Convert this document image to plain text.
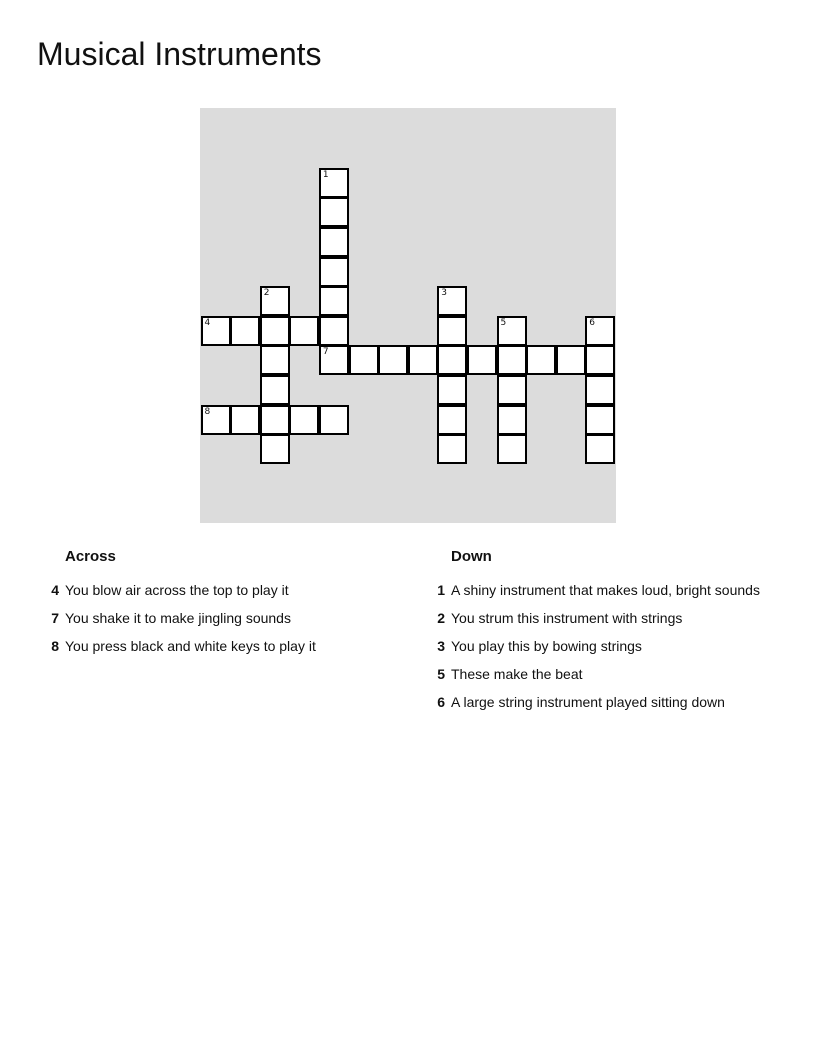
Musical Instruments
1
2	3
4	5	6
7
8
Across
4 You blow air across the top to play it
7 You shake it to make jingling sounds
8 You press black and white keys to play it
Down
1 A shiny instrument that makes loud, bright sounds
2 You strum this instrument with strings
3 You play this by bowing strings
5 These make the beat
6 A large string instrument played sitting down
